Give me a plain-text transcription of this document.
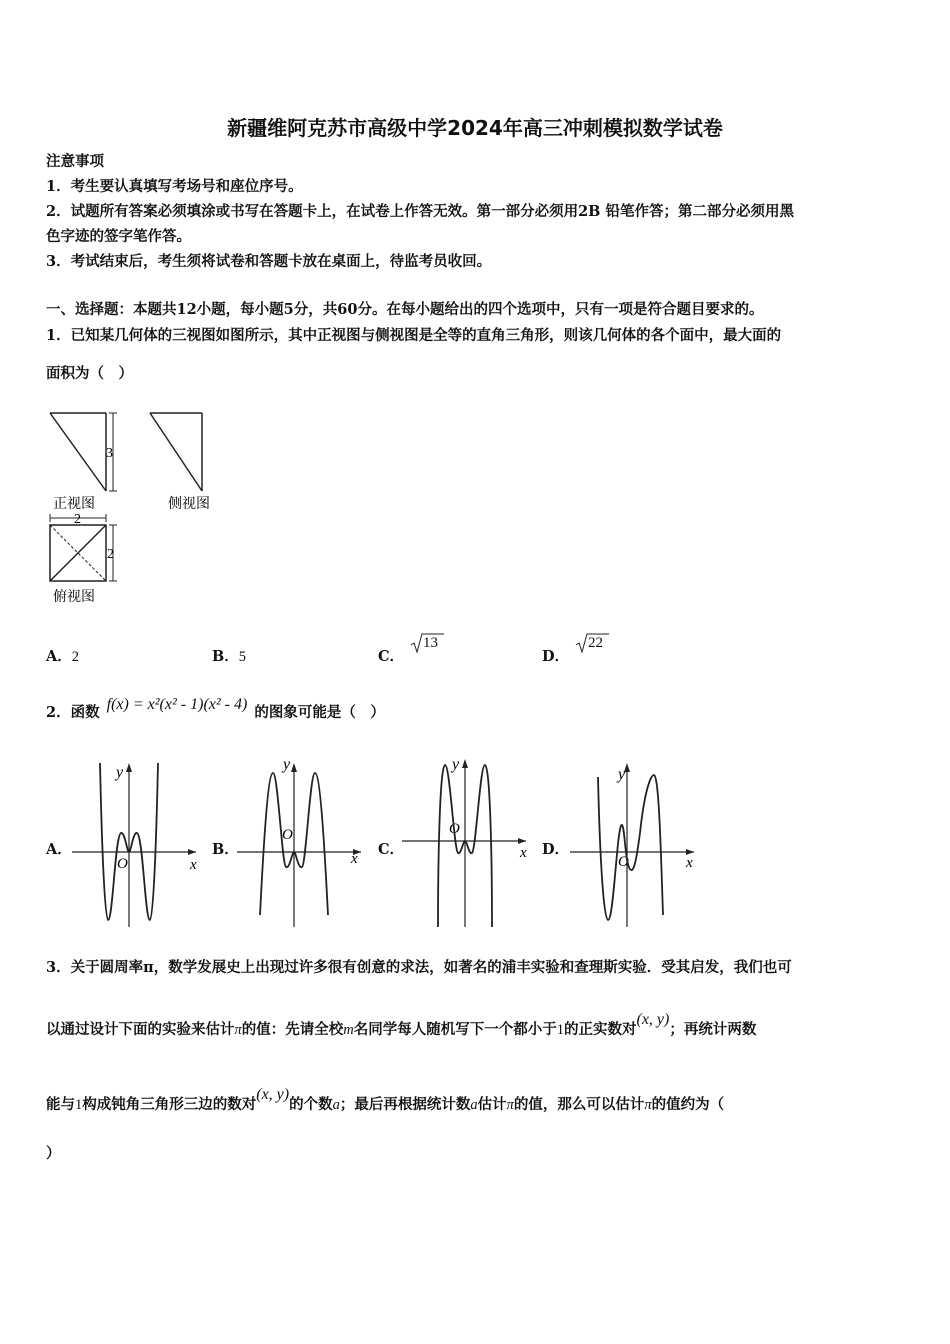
新疆维阿克苏市高级中学2024年高三冲刺模拟数学试卷
注意事项
1．考生要认真填写考场号和座位序号。
2．试题所有答案必须填涂或书写在答题卡上，在试卷上作答无效。第一部分必须用2B 铅笔作答；第二部分必须用黑
色字迹的签字笔作答。
3．考试结束后，考生须将试卷和答题卡放在桌面上，待监考员收回。
一、选择题：本题共12小题，每小题5分，共60分。在每小题给出的四个选项中，只有一项是符合题目要求的。
1．已知某几何体的三视图如图所示，其中正视图与侧视图是全等的直角三角形，则该几何体的各个面中，最大面的
面积为（　）
3
正视图	侧视图
2
2
俯视图
A．2	B．5	C．
13
D．
22
2．函数 f(x) = x²(x² - 1)(x² - 4) 的图象可能是（　）
A．	B．	C．	D．
y
x
O
y
x
O
y
x
O
y
x
O
3．关于圆周率π，数学发展史上出现过许多很有创意的求法，如著名的浦丰实验和查理斯实验．受其启发，我们也可
以通过设计下面的实验来估计π的值：先请全校m名同学每人随机写下一个都小于1的正实数对(x, y)；再统计两数
能与1构成钝角三角形三边的数对(x, y)的个数a；最后再根据统计数a估计π的值，那么可以估计π的值约为（
）
